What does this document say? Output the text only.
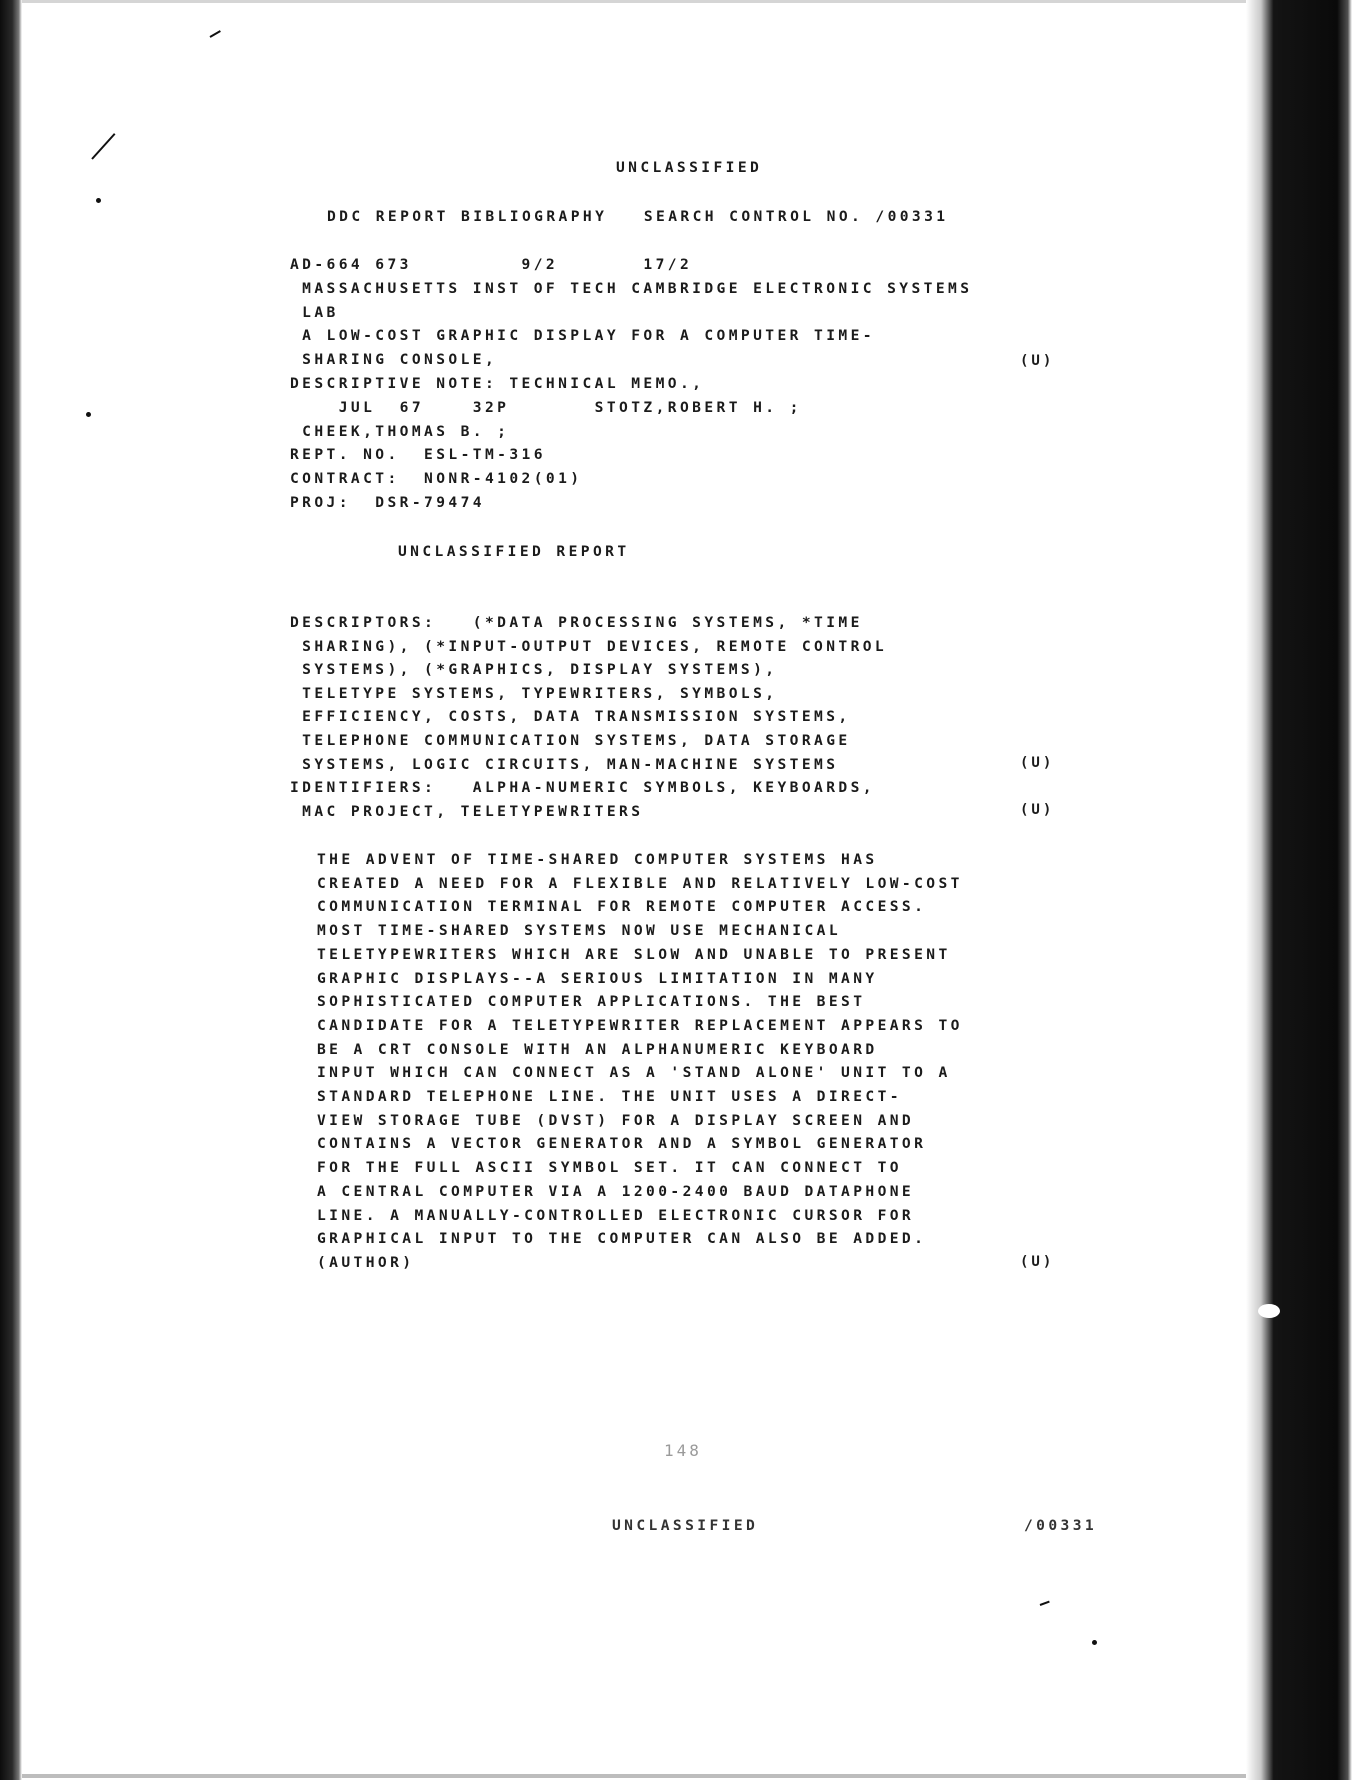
UNCLASSIFIED
DDC REPORT BIBLIOGRAPHY   SEARCH CONTROL NO. /00331
AD-664 673         9/2       17/2
MASSACHUSETTS INST OF TECH CAMBRIDGE ELECTRONIC SYSTEMS
LAB
A LOW-COST GRAPHIC DISPLAY FOR A COMPUTER TIME-
SHARING CONSOLE,
DESCRIPTIVE NOTE: TECHNICAL MEMO.,
JUL  67    32P       STOTZ,ROBERT H. ;
CHEEK,THOMAS B. ;
REPT. NO.  ESL-TM-316
CONTRACT:  NONR-4102(01)
PROJ:  DSR-79474
(U)
UNCLASSIFIED REPORT
DESCRIPTORS:   (*DATA PROCESSING SYSTEMS, *TIME
SHARING), (*INPUT-OUTPUT DEVICES, REMOTE CONTROL
SYSTEMS), (*GRAPHICS, DISPLAY SYSTEMS),
TELETYPE SYSTEMS, TYPEWRITERS, SYMBOLS,
EFFICIENCY, COSTS, DATA TRANSMISSION SYSTEMS,
TELEPHONE COMMUNICATION SYSTEMS, DATA STORAGE
SYSTEMS, LOGIC CIRCUITS, MAN-MACHINE SYSTEMS
IDENTIFIERS:   ALPHA-NUMERIC SYMBOLS, KEYBOARDS,
MAC PROJECT, TELETYPEWRITERS
(U)
(U)
THE ADVENT OF TIME-SHARED COMPUTER SYSTEMS HAS
CREATED A NEED FOR A FLEXIBLE AND RELATIVELY LOW-COST
COMMUNICATION TERMINAL FOR REMOTE COMPUTER ACCESS.
MOST TIME-SHARED SYSTEMS NOW USE MECHANICAL
TELETYPEWRITERS WHICH ARE SLOW AND UNABLE TO PRESENT
GRAPHIC DISPLAYS--A SERIOUS LIMITATION IN MANY
SOPHISTICATED COMPUTER APPLICATIONS. THE BEST
CANDIDATE FOR A TELETYPEWRITER REPLACEMENT APPEARS TO
BE A CRT CONSOLE WITH AN ALPHANUMERIC KEYBOARD
INPUT WHICH CAN CONNECT AS A 'STAND ALONE' UNIT TO A
STANDARD TELEPHONE LINE. THE UNIT USES A DIRECT-
VIEW STORAGE TUBE (DVST) FOR A DISPLAY SCREEN AND
CONTAINS A VECTOR GENERATOR AND A SYMBOL GENERATOR
FOR THE FULL ASCII SYMBOL SET. IT CAN CONNECT TO
A CENTRAL COMPUTER VIA A 1200-2400 BAUD DATAPHONE
LINE. A MANUALLY-CONTROLLED ELECTRONIC CURSOR FOR
GRAPHICAL INPUT TO THE COMPUTER CAN ALSO BE ADDED.
(AUTHOR)	(U)
148
UNCLASSIFIED	/00331
